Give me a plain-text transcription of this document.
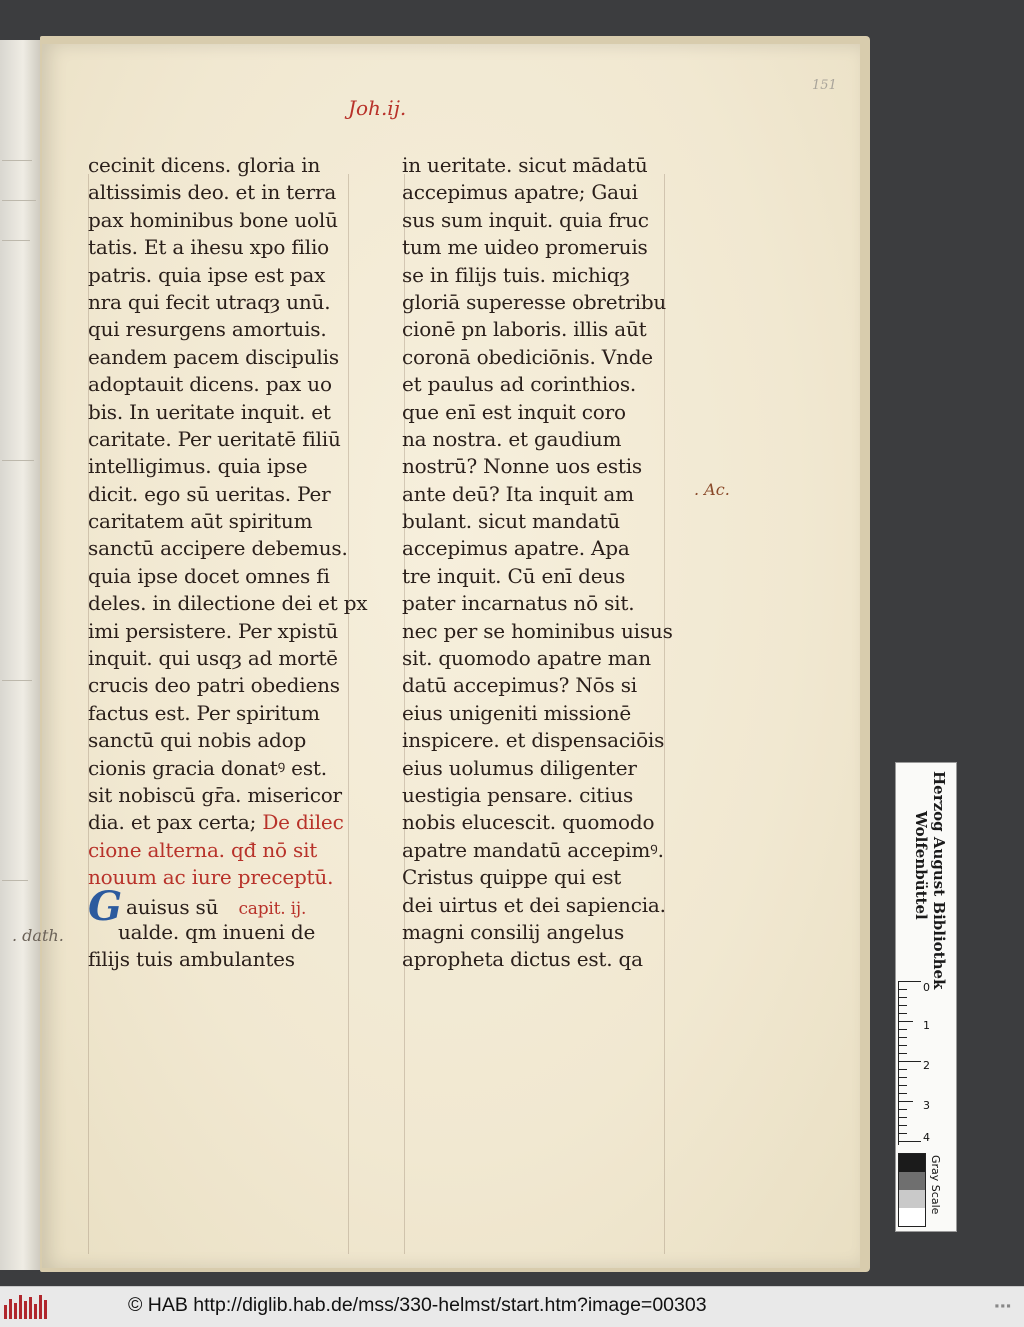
Joh.ij.
151
cecinit dicens. gloria in
altissimis deo. et in terra
pax hominibus bone uolū
tatis. Et a ihesu xpo filio
patris. quia ipse est pax
nra qui fecit utraqȝ unū.
qui resurgens amortuis.
eandem pacem discipulis
adoptauit dicens. pax uo
bis. In ueritate inquit. et
caritate. Per ueritatē filiū
intelligimus. quia ipse
dicit. ego sū ueritas. Per
caritatem aūt spiritum
sanctū accipere debemus.
quia ipse docet omnes fi
deles. in dilectione dei et px
imi persistere. Per xpistū
inquit. qui usqȝ ad mortē
crucis deo patri obediens
factus est. Per spiritum
sanctū qui nobis adop
cionis gracia donatꝰ est.
sit nobiscū gr̄a. misericor
dia. et pax certa; De dilec
cione alterna. qđ nō sit
nouum ac iure preceptū.
Gauisus sū capit. ij.
ualde. qm inueni de
filijs tuis ambulantes
in ueritate. sicut mādatū
accepimus apatre; Gaui
sus sum inquit. quia fruc
tum me uideo promeruis
se in filijs tuis. michiqȝ
gloriā superesse obretribu
cionē pn laboris. illis aūt
coronā obediciōnis. Vnde
et paulus ad corinthios.
que enī est inquit coro
na nostra. et gaudium
nostrū? Nonne uos estis
ante deū? Ita inquit am
bulant. sicut mandatū
accepimus apatre. Apa
tre inquit. Cū enī deus
pater incarnatus nō sit.
nec per se hominibus uisus
sit. quomodo apatre man
datū accepimus? Nōs si
eius unigeniti missionē
inspicere. et dispensaciōis
eius uolumus diligenter
uestigia pensare. citius
nobis elucescit. quomodo
apatre mandatū accepimꝰ.
Cristus quippe qui est
dei uirtus et dei sapiencia.
magni consilij angelus
apropheta dictus est. qa
. Ac.
. dath.	Herzog August Bibliothek
Wolfenbüttel
0
1
2
3
4
Gray Scale
© HAB http://diglib.hab.de/mss/330-helmst/start.htm?image=00303	▪▪▪
